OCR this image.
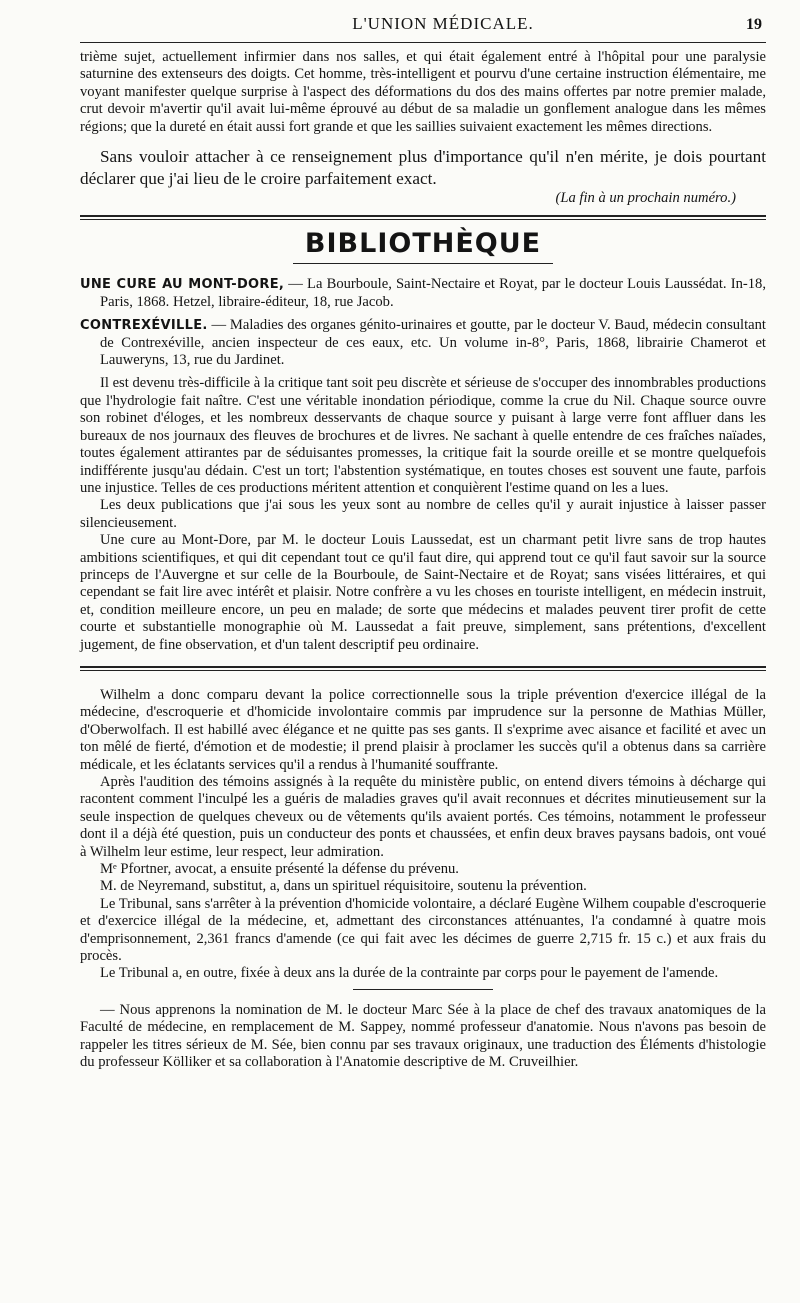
L'UNION MÉDICALE.	19

trième sujet, actuellement infirmier dans nos salles, et qui était également entré à l'hôpital pour une paralysie saturnine des extenseurs des doigts. Cet homme, très-intelligent et pourvu d'une certaine instruction élémentaire, me voyant manifester quelque surprise à l'aspect des déformations du dos des mains offertes par notre premier malade, crut devoir m'avertir qu'il avait lui-même éprouvé au début de sa maladie un gonflement analogue dans les mêmes régions; que la dureté en était aussi fort grande et que les saillies suivaient exactement les mêmes directions.

Sans vouloir attacher à ce renseignement plus d'importance qu'il n'en mérite, je dois pourtant déclarer que j'ai lieu de le croire parfaitement exact.

(La fin à un prochain numéro.)

BIBLIOTHÈQUE
UNE CURE AU MONT-DORE, — La Bourboule, Saint-Nectaire et Royat, par le docteur Louis Laussédat. In-18, Paris, 1868. Hetzel, libraire-éditeur, 18, rue Jacob.
CONTREXÉVILLE. — Maladies des organes génito-urinaires et goutte, par le docteur V. Baud, médecin consultant de Contrexéville, ancien inspecteur de ces eaux, etc. Un volume in-8°, Paris, 1868, librairie Chamerot et Lauweryns, 13, rue du Jardinet.

Il est devenu très-difficile à la critique tant soit peu discrète et sérieuse de s'occuper des innombrables productions que l'hydrologie fait naître. C'est une véritable inondation périodique, comme la crue du Nil. Chaque source ouvre son robinet d'éloges, et les nombreux desservants de chaque source y puisant à large verre font affluer dans les bureaux de nos journaux des fleuves de brochures et de livres. Ne sachant à quelle entendre de ces fraîches naïades, toutes également attirantes par de séduisantes promesses, la critique fait la sourde oreille et se montre quelquefois indifférente jusqu'au dédain. C'est un tort; l'abstention systématique, en toutes choses est souvent une faute, parfois une injustice. Telles de ces productions méritent attention et conquièrent l'estime quand on les a lues.

Les deux publications que j'ai sous les yeux sont au nombre de celles qu'il y aurait injustice à laisser passer silencieusement.

Une cure au Mont-Dore, par M. le docteur Louis Laussedat, est un charmant petit livre sans de trop hautes ambitions scientifiques, et qui dit cependant tout ce qu'il faut dire, qui apprend tout ce qu'il faut savoir sur la source princeps de l'Auvergne et sur celle de la Bourboule, de Saint-Nectaire et de Royat; sans visées littéraires, et qui cependant se fait lire avec intérêt et plaisir. Notre confrère a vu les choses en touriste intelligent, en médecin instruit, et, condition meilleure encore, un peu en malade; de sorte que médecins et malades peuvent tirer profit de cette courte et substantielle monographie où M. Laussedat a fait preuve, simplement, sans prétentions, d'excellent jugement, de fine observation, et d'un talent descriptif peu ordinaire.

Wilhelm a donc comparu devant la police correctionnelle sous la triple prévention d'exercice illégal de la médecine, d'escroquerie et d'homicide involontaire commis par imprudence sur la personne de Mathias Müller, d'Oberwolfach. Il est habillé avec élégance et ne quitte pas ses gants. Il s'exprime avec aisance et facilité et avec un ton mêlé de fierté, d'émotion et de modestie; il prend plaisir à proclamer les succès qu'il a obtenus dans sa carrière médicale, et les éclatants services qu'il a rendus à l'humanité souffrante.

Après l'audition des témoins assignés à la requête du ministère public, on entend divers témoins à décharge qui racontent comment l'inculpé les a guéris de maladies graves qu'il avait reconnues et décrites minutieusement sur la seule inspection de quelques cheveux ou de vêtements qu'ils avaient portés. Ces témoins, notamment le professeur dont il a déjà été question, puis un conducteur des ponts et chaussées, et enfin deux braves paysans badois, ont voué à Wilhelm leur estime, leur respect, leur admiration.

Mᵉ Pfortner, avocat, a ensuite présenté la défense du prévenu.

M. de Neyremand, substitut, a, dans un spirituel réquisitoire, soutenu la prévention.

Le Tribunal, sans s'arrêter à la prévention d'homicide volontaire, a déclaré Eugène Wilhem coupable d'escroquerie et d'exercice illégal de la médecine, et, admettant des circonstances atténuantes, l'a condamné à quatre mois d'emprisonnement, 2,361 francs d'amende (ce qui fait avec les décimes de guerre 2,715 fr. 15 c.) et aux frais du procès.

Le Tribunal a, en outre, fixée à deux ans la durée de la contrainte par corps pour le payement de l'amende.

— Nous apprenons la nomination de M. le docteur Marc Sée à la place de chef des travaux anatomiques de la Faculté de médecine, en remplacement de M. Sappey, nommé professeur d'anatomie. Nous n'avons pas besoin de rappeler les titres sérieux de M. Sée, bien connu par ses travaux originaux, une traduction des Éléments d'histologie du professeur Kölliker et sa collaboration à l'Anatomie descriptive de M. Cruveilhier.
